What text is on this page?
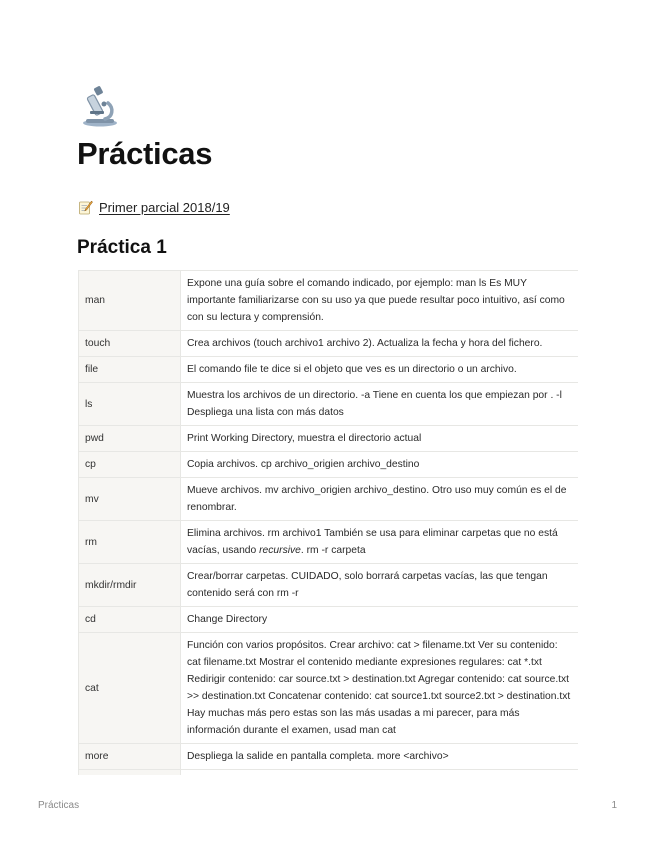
Prácticas
Primer parcial 2018/19
Práctica 1
man	Expone una guía sobre el comando indicado, por ejemplo: man ls Es MUY importante familiarizarse con su uso ya que puede resultar poco intuitivo, así como con su lectura y comprensión.
touch	Crea archivos (touch archivo1 archivo 2). Actualiza la fecha y hora del fichero.
file	El comando file te dice si el objeto que ves es un directorio o un archivo.
ls	Muestra los archivos de un directorio. -a Tiene en cuenta los que empiezan por . -l Despliega una lista con más datos
pwd	Print Working Directory, muestra el directorio actual
cp	Copia archivos. cp archivo_origien archivo_destino
mv	Mueve archivos. mv archivo_origien archivo_destino. Otro uso muy común es el de renombrar.
rm	Elimina archivos. rm archivo1 También se usa para eliminar carpetas que no está vacías, usando recursive. rm -r carpeta
mkdir/rmdir	Crear/borrar carpetas. CUIDADO, solo borrará carpetas vacías, las que tengan contenido será con rm -r
cd	Change Directory
cat	Función con varios propósitos. Crear archivo: cat > filename.txt Ver su contenido: cat filename.txt Mostrar el contenido mediante expresiones regulares: cat *.txt Redirigir contenido: car source.txt > destination.txt Agregar contenido: cat source.txt >> destination.txt Concatenar contenido: cat source1.txt source2.txt > destination.txt Hay muchas más pero estas son las más usadas a mi parecer, para más información durante el examen, usad man cat
more	Despliega la salide en pantalla completa. more <archivo>

Prácticas	1
